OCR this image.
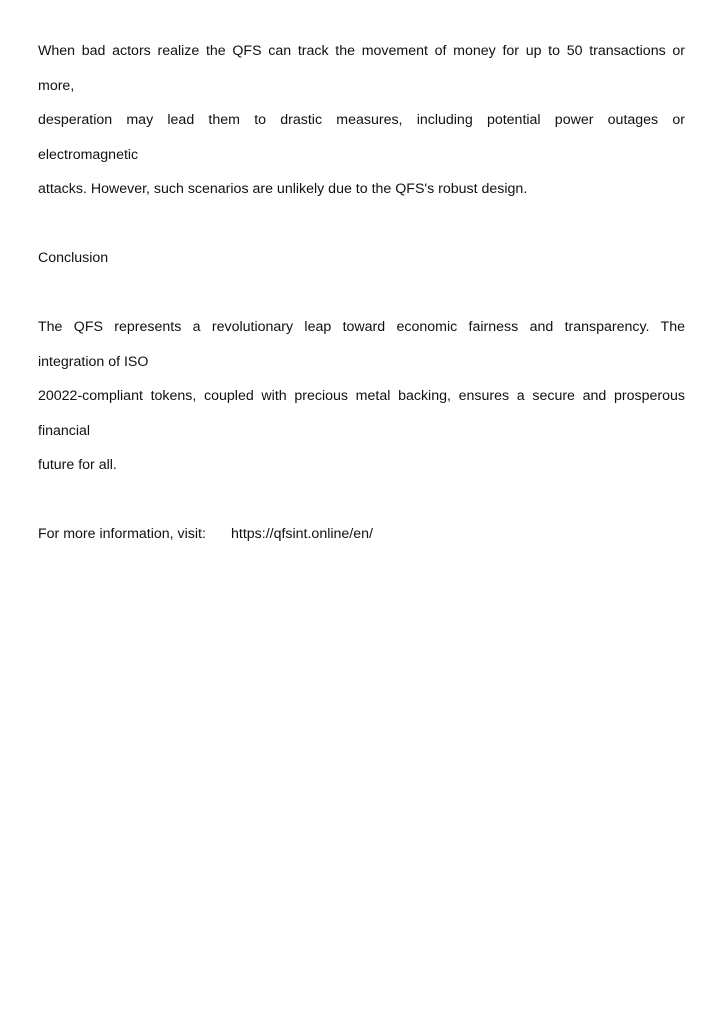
When bad actors realize the QFS can track the movement of money for up to 50 transactions or
more,
desperation may lead them to drastic measures, including potential power outages or
electromagnetic
attacks. However, such scenarios are unlikely due to the QFS's robust design.
Conclusion
The QFS represents a revolutionary leap toward economic fairness and transparency. The
integration of ISO
20022-compliant tokens, coupled with precious metal backing, ensures a secure and prosperous
financial
future for all.
For more information, visit: https://qfsint.online/en/
